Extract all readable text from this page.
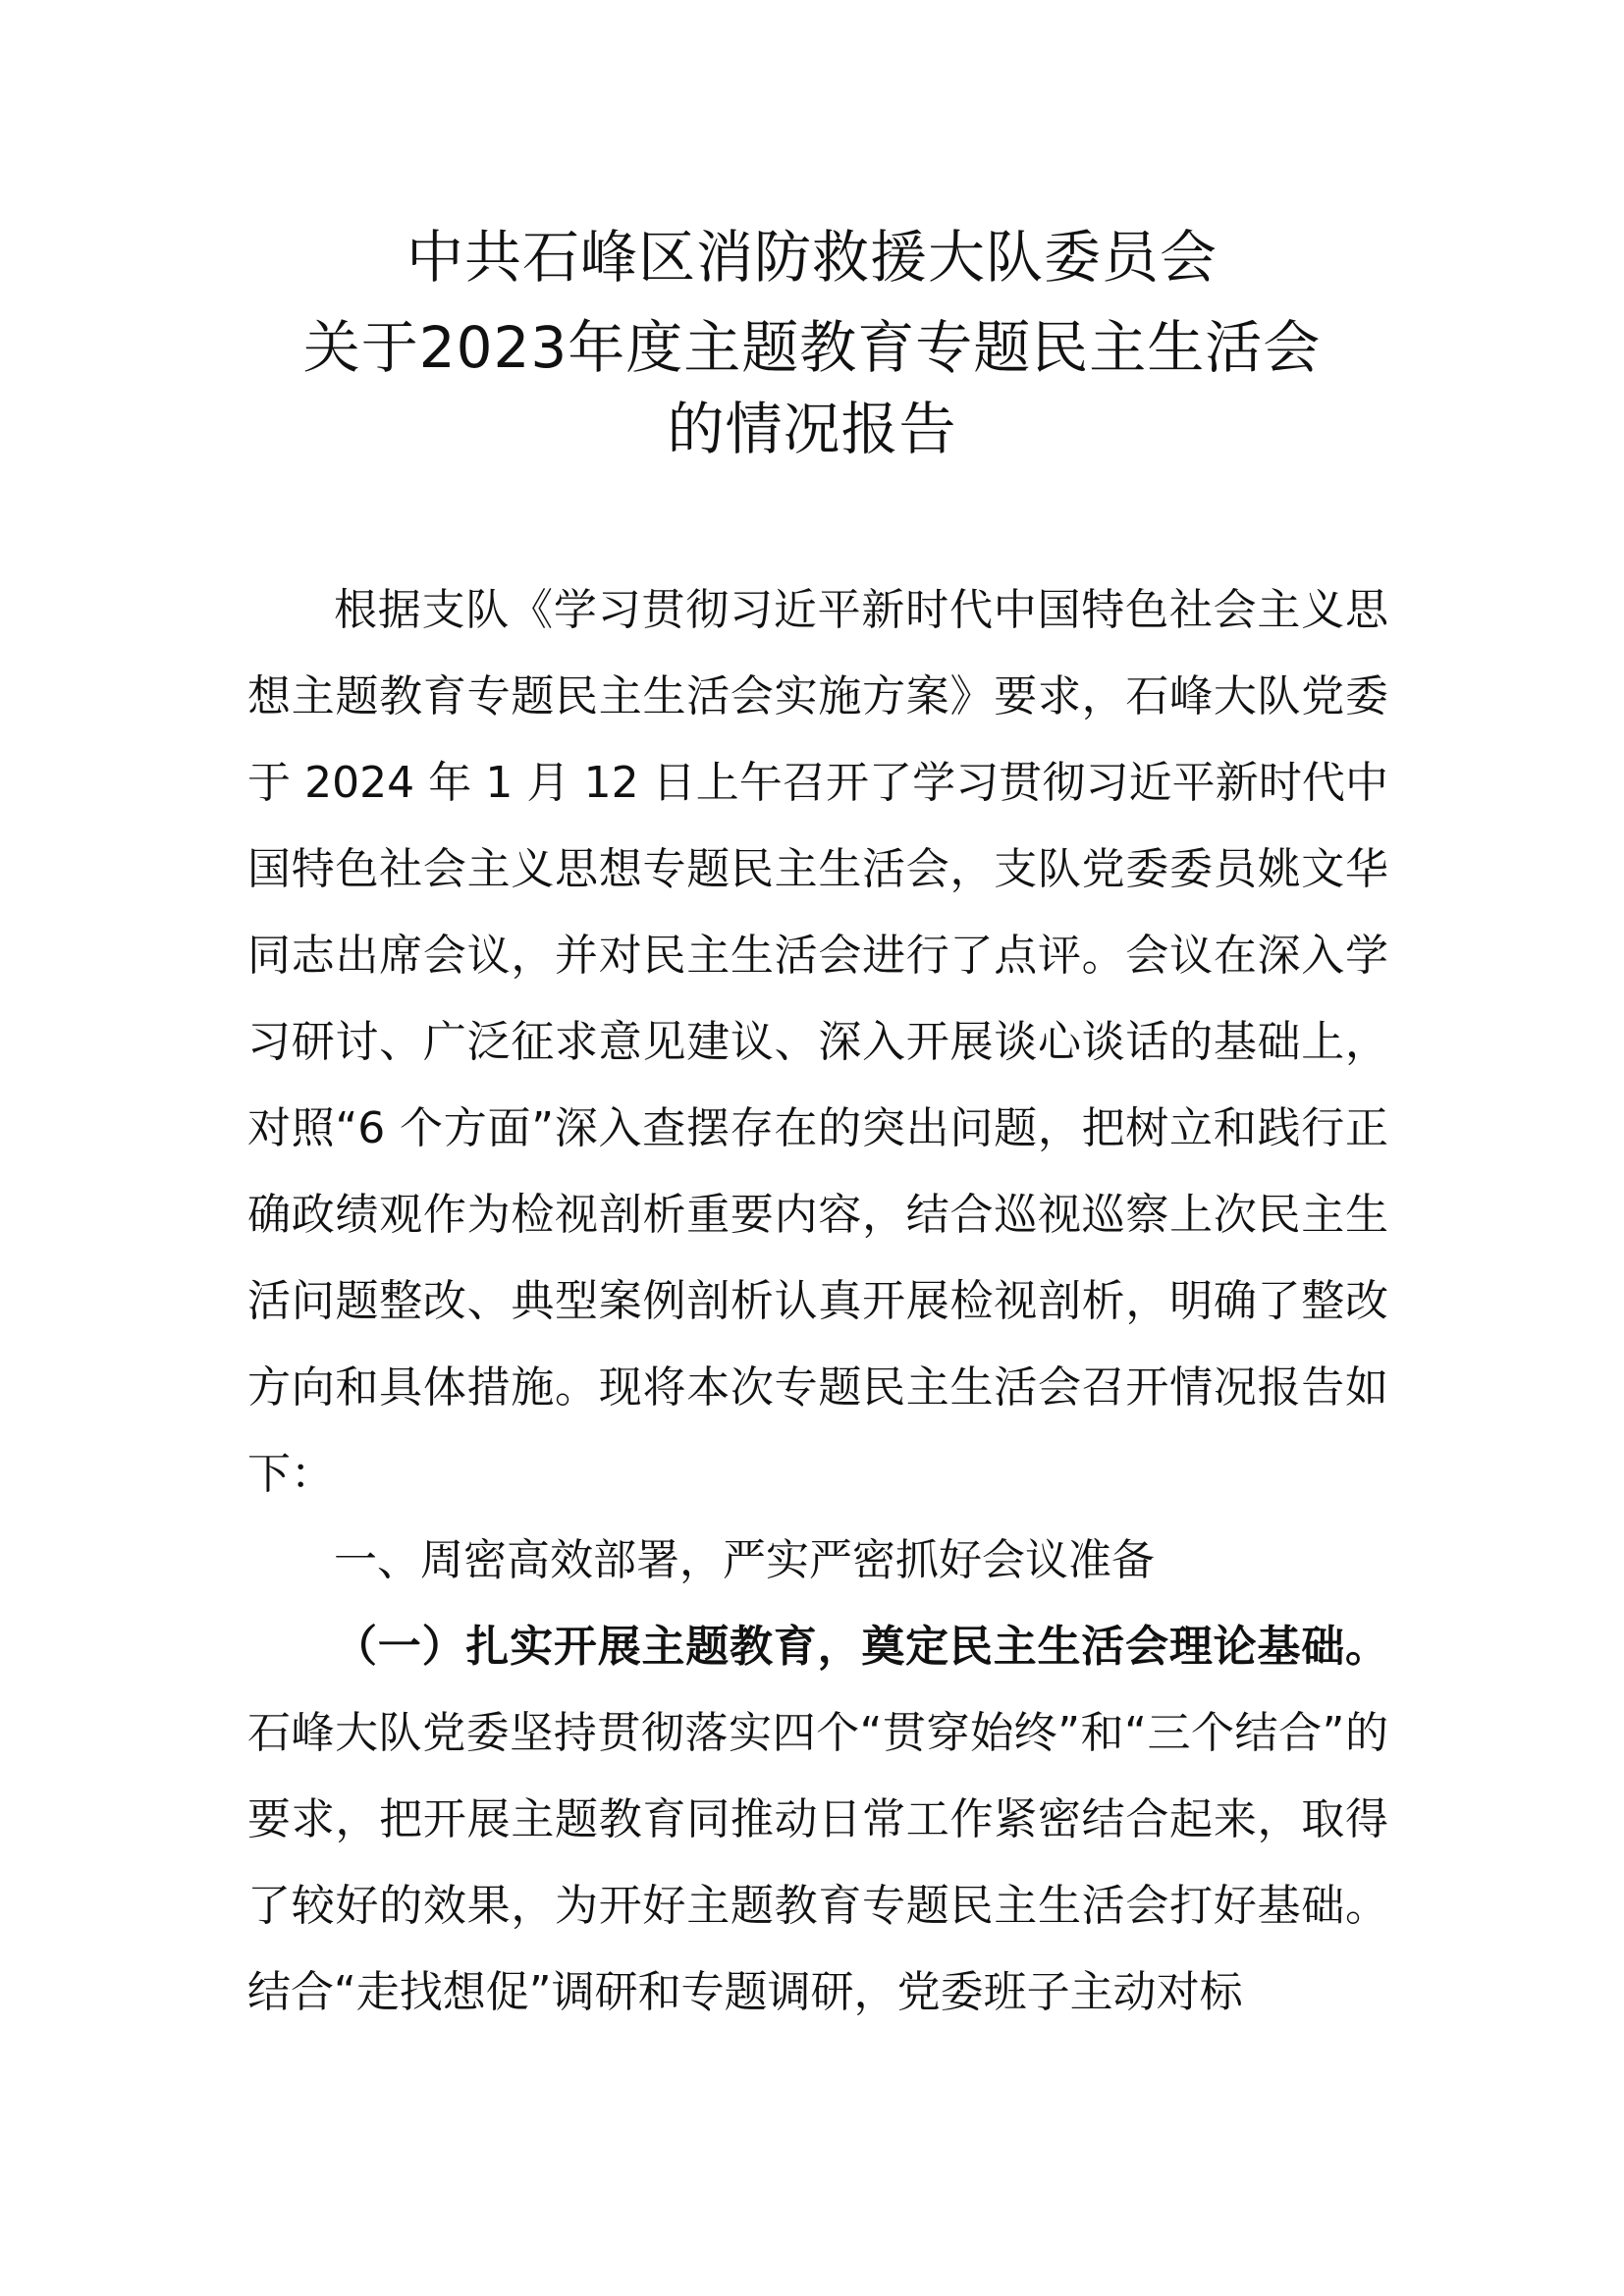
中共石峰区消防救援大队委员会
关于2023年度主题教育专题民主生活会
的情况报告

根据支队《学习贯彻习近平新时代中国特色社会主义思想主题教育专题民主生活会实施方案》要求，石峰大队党委于 2024 年 1 月 12 日上午召开了学习贯彻习近平新时代中国特色社会主义思想专题民主生活会，支队党委委员姚文华同志出席会议，并对民主生活会进行了点评。会议在深入学习研讨、广泛征求意见建议、深入开展谈心谈话的基础上，对照“6 个方面”深入查摆存在的突出问题，把树立和践行正确政绩观作为检视剖析重要内容，结合巡视巡察上次民主生活问题整改、典型案例剖析认真开展检视剖析，明确了整改方向和具体措施。现将本次专题民主生活会召开情况报告如下：

一、周密高效部署，严实严密抓好会议准备

（一）扎实开展主题教育，奠定民主生活会理论基础。石峰大队党委坚持贯彻落实四个“贯穿始终”和“三个结合”的要求，把开展主题教育同推动日常工作紧密结合起来，取得了较好的效果，为开好主题教育专题民主生活会打好基础。结合“走找想促”调研和专题调研，党委班子主动对标
